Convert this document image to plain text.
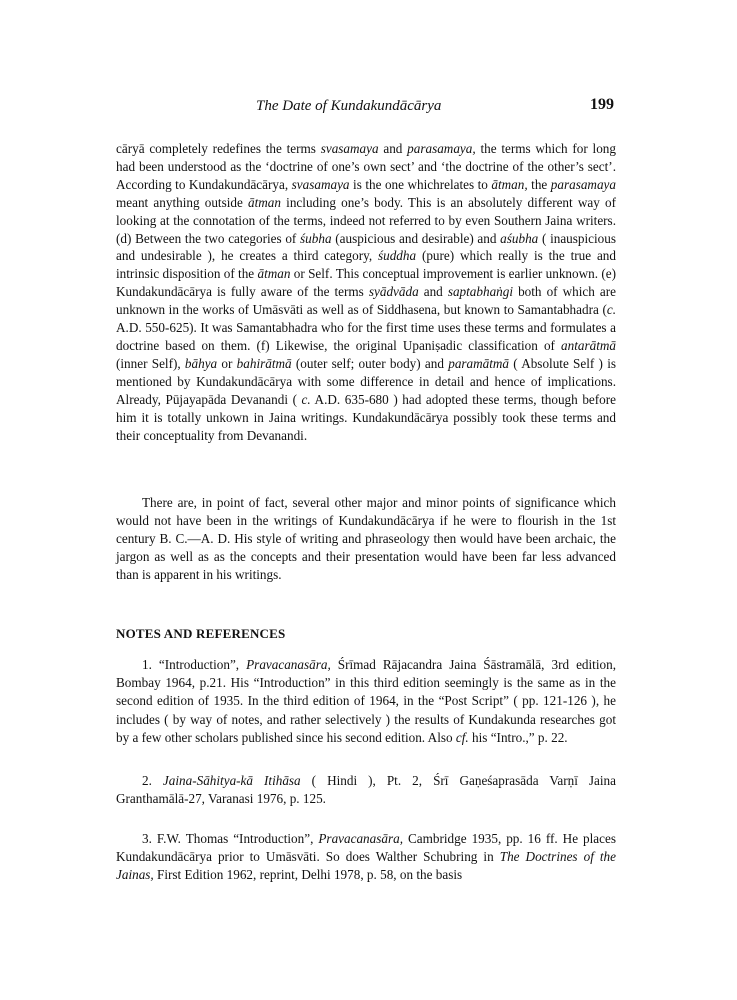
The Date of Kundakundācārya	199

cāryā completely redefines the terms svasamaya and parasamaya, the terms which for long had been understood as the ‘doctrine of one’s own sect’ and ‘the doctrine of the other’s sect’. According to Kundakundācārya, svasamaya is the one whichrelates to ātman, the parasamaya meant anything outside ātman including one’s body. This is an absolutely different way of looking at the connotation of the terms, indeed not referred to by even Southern Jaina writers. (d) Between the two categories of śubha (auspicious and desirable) and aśubha ( inauspicious and undesirable ), he creates a third category, śuddha (pure) which really is the true and intrinsic disposition of the ātman or Self. This conceptual improvement is earlier unknown. (e) Kundakundācārya is fully aware of the terms syādvāda and saptabhaṅgi both of which are unknown in the works of Umāsvāti as well as of Siddhasena, but known to Samantabhadra (c. A.D. 550-625). It was Samantabhadra who for the first time uses these terms and formulates a doctrine based on them. (f) Likewise, the original Upaniṣadic classification of antarātmā (inner Self), bāhya or bahirātmā (outer self; outer body) and paramātmā ( Absolute Self ) is mentioned by Kundakundācārya with some difference in detail and hence of implications. Already, Pūjayapāda Devanandi ( c. A.D. 635-680 ) had adopted these terms, though before him it is totally unkown in Jaina writings. Kundakundācārya possibly took these terms and their conceptuality from Devanandi.

There are, in point of fact, several other major and minor points of significance which would not have been in the writings of Kundakundācārya if he were to flourish in the 1st century B. C.—A. D. His style of writing and phraseology then would have been archaic, the jargon as well as as the concepts and their presentation would have been far less advanced than is apparent in his writings.

NOTES AND REFERENCES

1. “Introduction”, Pravacanasāra, Śrīmad Rājacandra Jaina Śāstramālā, 3rd edition, Bombay 1964, p.21. His “Introduction” in this third edition seemingly is the same as in the second edition of 1935. In the third edition of 1964, in the “Post Script” ( pp. 121-126 ), he includes ( by way of notes, and rather selectively ) the results of Kundakunda researches got by a few other scholars published since his second edition. Also cf. his “Intro.,” p. 22.

2. Jaina-Sāhitya-kā Itihāsa ( Hindi ), Pt. 2, Śrī Gaṇeśaprasāda Varṇī Jaina Granthamālā-27, Varanasi 1976, p. 125.

3. F.W. Thomas “Introduction”, Pravacanasāra, Cambridge 1935, pp. 16 ff. He places Kundakundācārya prior to Umāsvāti. So does Walther Schubring in The Doctrines of the Jainas, First Edition 1962, reprint, Delhi 1978, p. 58, on the basis
